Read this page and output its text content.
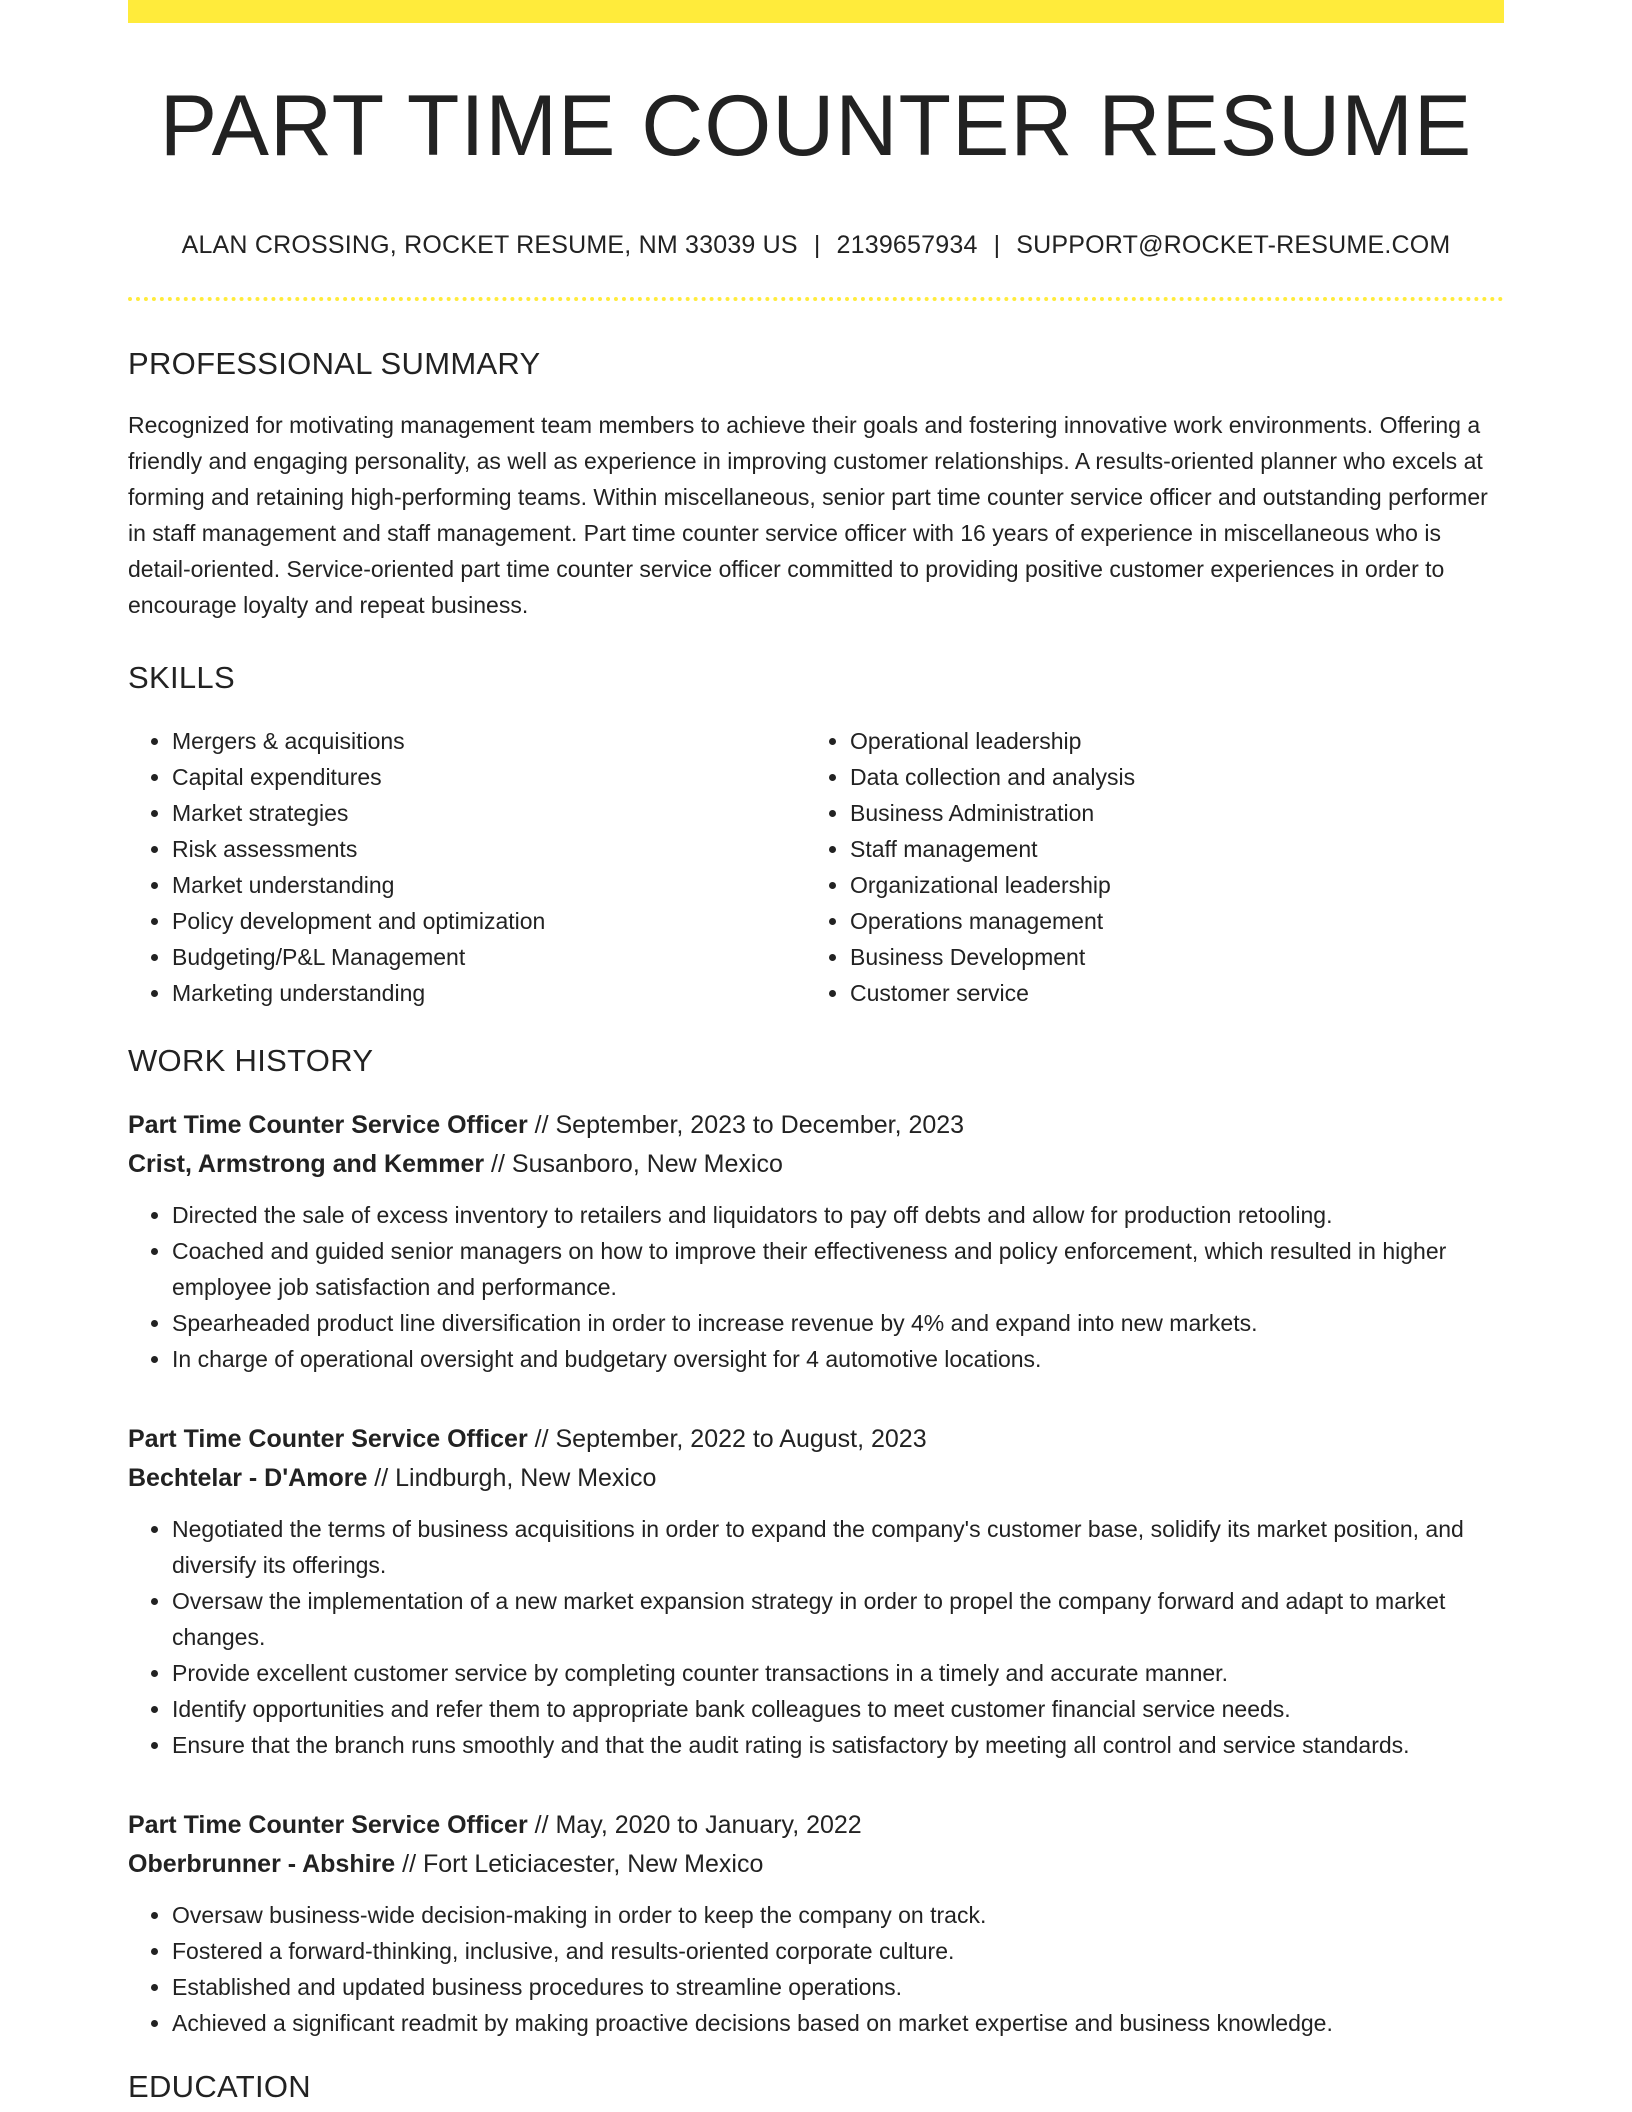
PART TIME COUNTER RESUME
ALAN CROSSING, ROCKET RESUME, NM 33039 US | 2139657934 | SUPPORT@ROCKET-RESUME.COM
PROFESSIONAL SUMMARY
Recognized for motivating management team members to achieve their goals and fostering innovative work environments. Offering a friendly and engaging personality, as well as experience in improving customer relationships. A results-oriented planner who excels at forming and retaining high-performing teams. Within miscellaneous, senior part time counter service officer and outstanding performer in staff management and staff management. Part time counter service officer with 16 years of experience in miscellaneous who is detail-oriented. Service-oriented part time counter service officer committed to providing positive customer experiences in order to encourage loyalty and repeat business.
SKILLS
• Mergers & acquisitions
• Capital expenditures
• Market strategies
• Risk assessments
• Market understanding
• Policy development and optimization
• Budgeting/P&L Management
• Marketing understanding
• Operational leadership
• Data collection and analysis
• Business Administration
• Staff management
• Organizational leadership
• Operations management
• Business Development
• Customer service
WORK HISTORY
Part Time Counter Service Officer // September, 2023 to December, 2023
Crist, Armstrong and Kemmer // Susanboro, New Mexico
• Directed the sale of excess inventory to retailers and liquidators to pay off debts and allow for production retooling.
• Coached and guided senior managers on how to improve their effectiveness and policy enforcement, which resulted in higher employee job satisfaction and performance.
• Spearheaded product line diversification in order to increase revenue by 4% and expand into new markets.
• In charge of operational oversight and budgetary oversight for 4 automotive locations.
Part Time Counter Service Officer // September, 2022 to August, 2023
Bechtelar - D'Amore // Lindburgh, New Mexico
• Negotiated the terms of business acquisitions in order to expand the company's customer base, solidify its market position, and diversify its offerings.
• Oversaw the implementation of a new market expansion strategy in order to propel the company forward and adapt to market changes.
• Provide excellent customer service by completing counter transactions in a timely and accurate manner.
• Identify opportunities and refer them to appropriate bank colleagues to meet customer financial service needs.
• Ensure that the branch runs smoothly and that the audit rating is satisfactory by meeting all control and service standards.
Part Time Counter Service Officer // May, 2020 to January, 2022
Oberbrunner - Abshire // Fort Leticiacester, New Mexico
• Oversaw business-wide decision-making in order to keep the company on track.
• Fostered a forward-thinking, inclusive, and results-oriented corporate culture.
• Established and updated business procedures to streamline operations.
• Achieved a significant readmit by making proactive decisions based on market expertise and business knowledge.
EDUCATION
